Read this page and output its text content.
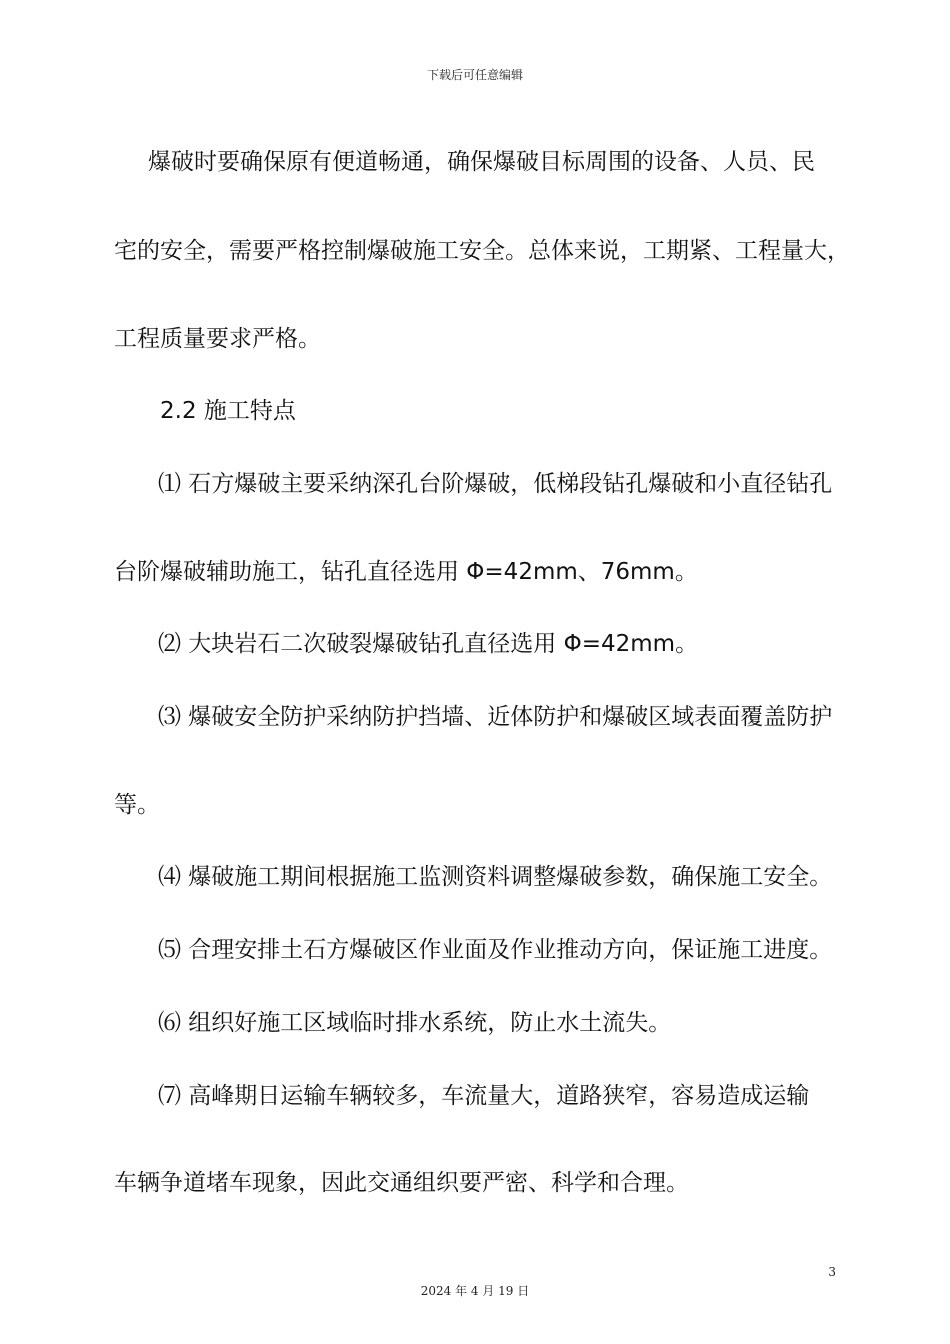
下载后可任意编辑
爆破时要确保原有便道畅通，确保爆破目标周围的设备、人员、民
宅的安全，需要严格控制爆破施工安全。总体来说，工期紧、工程量大，
工程质量要求严格。
2.2 施工特点
⑴ 石方爆破主要采纳深孔台阶爆破，低梯段钻孔爆破和小直径钻孔
台阶爆破辅助施工，钻孔直径选用 Φ=42mm、76mm。
⑵ 大块岩石二次破裂爆破钻孔直径选用 Φ=42mm。
⑶ 爆破安全防护采纳防护挡墙、近体防护和爆破区域表面覆盖防护
等。
⑷ 爆破施工期间根据施工监测资料调整爆破参数，确保施工安全。
⑸ 合理安排土石方爆破区作业面及作业推动方向，保证施工进度。
⑹ 组织好施工区域临时排水系统，防止水土流失。
⑺ 高峰期日运输车辆较多，车流量大，道路狭窄，容易造成运输
车辆争道堵车现象，因此交通组织要严密、科学和合理。
3
2024 年 4 月 19 日
